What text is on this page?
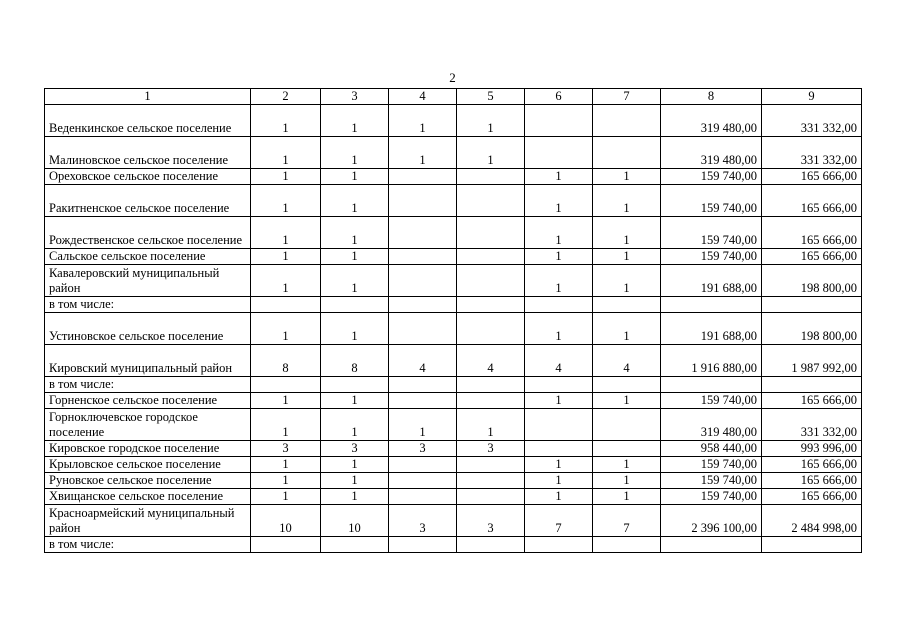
2
1	2	3	4	5	6	7	8	9
Веденкинское сельское поселение	1	1	1	1			319 480,00	331 332,00
Малиновское сельское поселение	1	1	1	1			319 480,00	331 332,00
Ореховское сельское поселение	1	1			1	1	159 740,00	165 666,00
Ракитненское сельское поселение	1	1			1	1	159 740,00	165 666,00
Рождественское сельское поселение	1	1			1	1	159 740,00	165 666,00
Сальское сельское поселение	1	1			1	1	159 740,00	165 666,00
Кавалеровский муниципальный район	1	1			1	1	191 688,00	198 800,00
в том числе:								
Устиновское сельское поселение	1	1			1	1	191 688,00	198 800,00
Кировский муниципальный район	8	8	4	4	4	4	1 916 880,00	1 987 992,00
в том числе:								
Горненское сельское поселение	1	1			1	1	159 740,00	165 666,00
Горноключевское городское поселение	1	1	1	1			319 480,00	331 332,00
Кировское городское поселение	3	3	3	3			958 440,00	993 996,00
Крыловское сельское поселение	1	1			1	1	159 740,00	165 666,00
Руновское сельское поселение	1	1			1	1	159 740,00	165 666,00
Хвищанское сельское поселение	1	1			1	1	159 740,00	165 666,00
Красноармейский муниципальный район	10	10	3	3	7	7	2 396 100,00	2 484 998,00
в том числе:								
